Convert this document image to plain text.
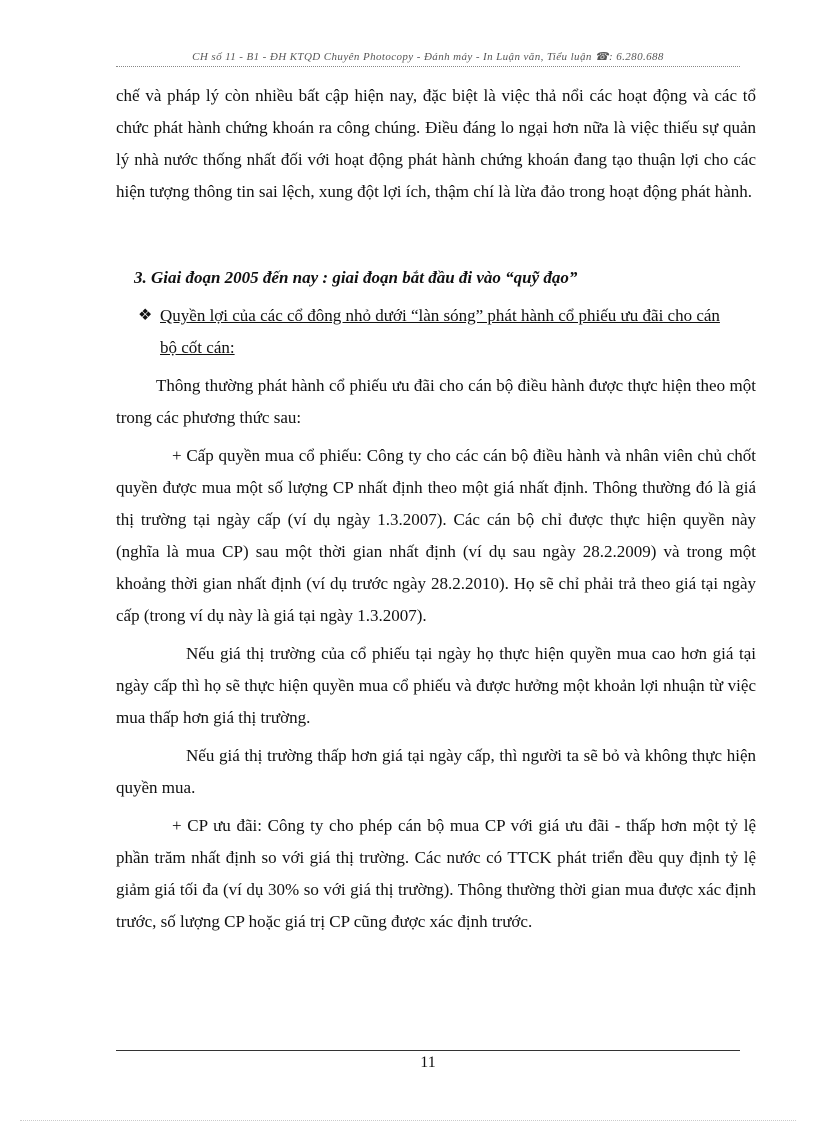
CH số 11 - B1 - ĐH KTQD Chuyên Photocopy - Đánh máy - In Luận văn, Tiểu luận ☎: 6.280.688

chế và pháp lý còn nhiều bất cập hiện nay, đặc biệt là việc thả nổi các hoạt động và các tổ chức phát hành chứng khoán ra công chúng. Điều đáng lo ngại hơn nữa là việc thiếu sự quản lý nhà nước thống nhất đối với hoạt động phát hành chứng khoán đang tạo thuận lợi cho các hiện tượng thông tin sai lệch, xung đột lợi ích, thậm chí là lừa đảo trong hoạt động phát hành.

3. Giai đoạn 2005 đến nay : giai đoạn bắt đầu đi vào “quỹ đạo”

❖ Quyền lợi của các cổ đông nhỏ dưới “làn sóng” phát hành cổ phiếu ưu đãi cho cán bộ cốt cán:

Thông thường phát hành cổ phiếu ưu đãi cho cán bộ điều hành được thực hiện theo một trong các phương thức sau:

+ Cấp quyền mua cổ phiếu: Công ty cho các cán bộ điều hành và nhân viên chủ chốt quyền được mua một số lượng CP nhất định theo một giá nhất định. Thông thường đó là giá thị trường tại ngày cấp (ví dụ ngày 1.3.2007). Các cán bộ chỉ được thực hiện quyền này (nghĩa là mua CP) sau một thời gian nhất định (ví dụ sau ngày 28.2.2009) và trong một khoảng thời gian nhất định (ví dụ trước ngày 28.2.2010). Họ sẽ chỉ phải trả theo giá tại ngày cấp (trong ví dụ này là giá tại ngày 1.3.2007).

Nếu giá thị trường của cổ phiếu tại ngày họ thực hiện quyền mua cao hơn giá tại ngày cấp thì họ sẽ thực hiện quyền mua cổ phiếu và được hưởng một khoản lợi nhuận từ việc mua thấp hơn giá thị trường.

Nếu giá thị trường thấp hơn giá tại ngày cấp, thì người ta sẽ bỏ và không thực hiện quyền mua.

+ CP ưu đãi: Công ty cho phép cán bộ mua CP với giá ưu đãi - thấp hơn một tỷ lệ phần trăm nhất định so với giá thị trường. Các nước có TTCK phát triển đều quy định tỷ lệ giảm giá tối đa (ví dụ 30% so với giá thị trường). Thông thường thời gian mua được xác định trước, số lượng CP hoặc giá trị CP cũng được xác định trước.

11
